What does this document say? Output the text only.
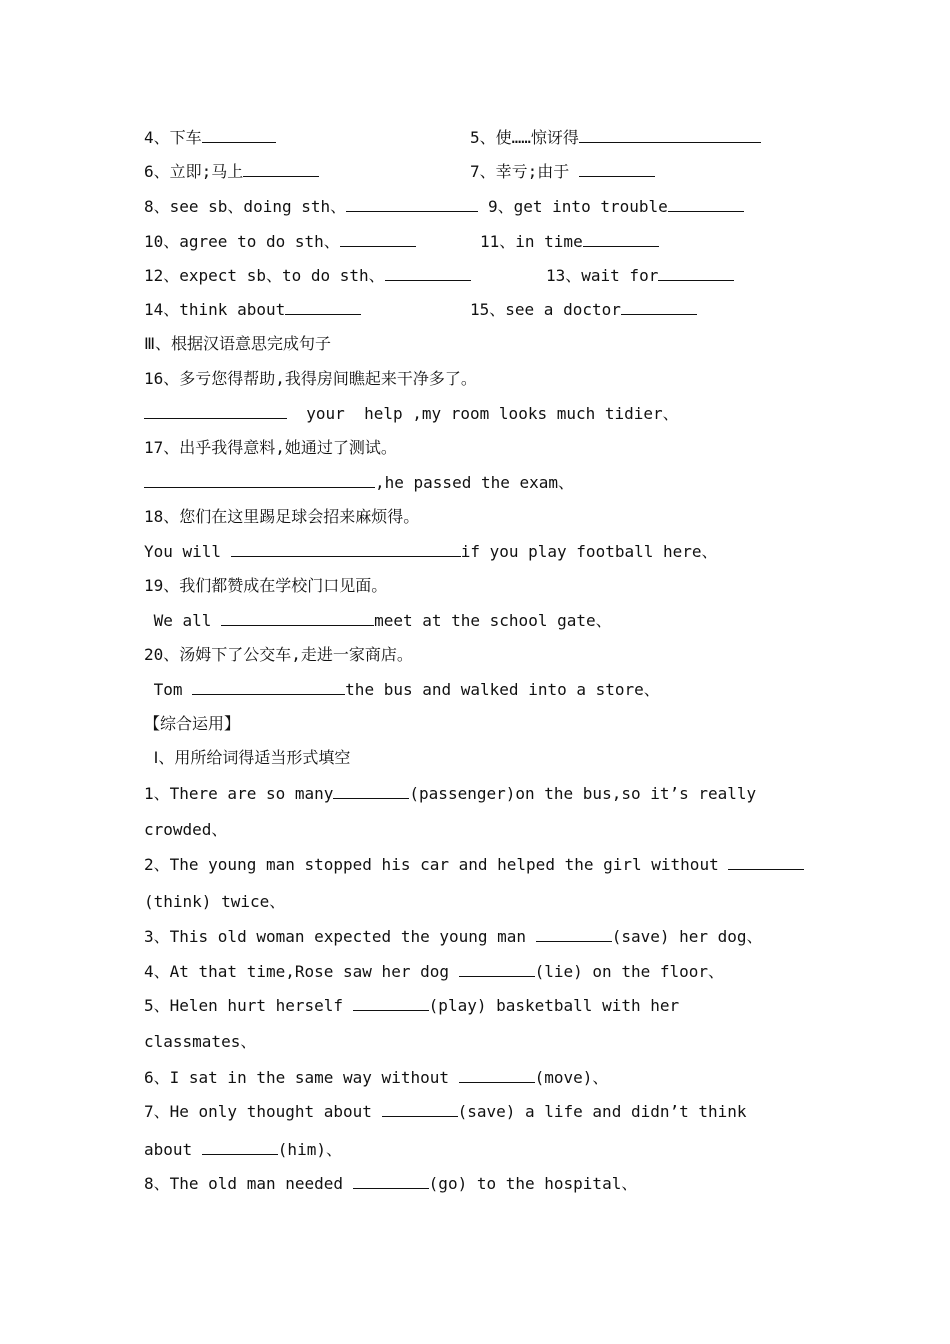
4、下车	5、使……惊讶得
6、立即;马上	7、幸亏;由于
8、see sb、doing sth、	9、get into trouble
10、agree to do sth、	11、in time
12、expect sb、to do sth、	13、wait for
14、think about	15、see a doctor
Ⅲ、根据汉语意思完成句子
16、多亏您得帮助,我得房间瞧起来干净多了。
your  help ,my room looks much tidier、
17、出乎我得意料,她通过了测试。
,he passed the exam、
18、您们在这里踢足球会招来麻烦得。
You will	if you play football here、
19、我们都赞成在学校门口见面。
We all	meet at the school gate、
20、汤姆下了公交车,走进一家商店。
Tom	the bus and walked into a store、
【综合运用】
Ⅰ、用所给词得适当形式填空
1、There are so many	(passenger)on the bus,so it’s really
crowded、
2、The young man stopped his car and helped the girl without
(think) twice、
3、This old woman expected the young man	(save) her dog、
4、At that time,Rose saw her dog	(lie) on the floor、
5、Helen hurt herself	(play) basketball with her
classmates、
6、I sat in the same way without	(move)、
7、He only thought about	(save) a life and didn’t think
about	(him)、
8、The old man needed	(go) to the hospital、
